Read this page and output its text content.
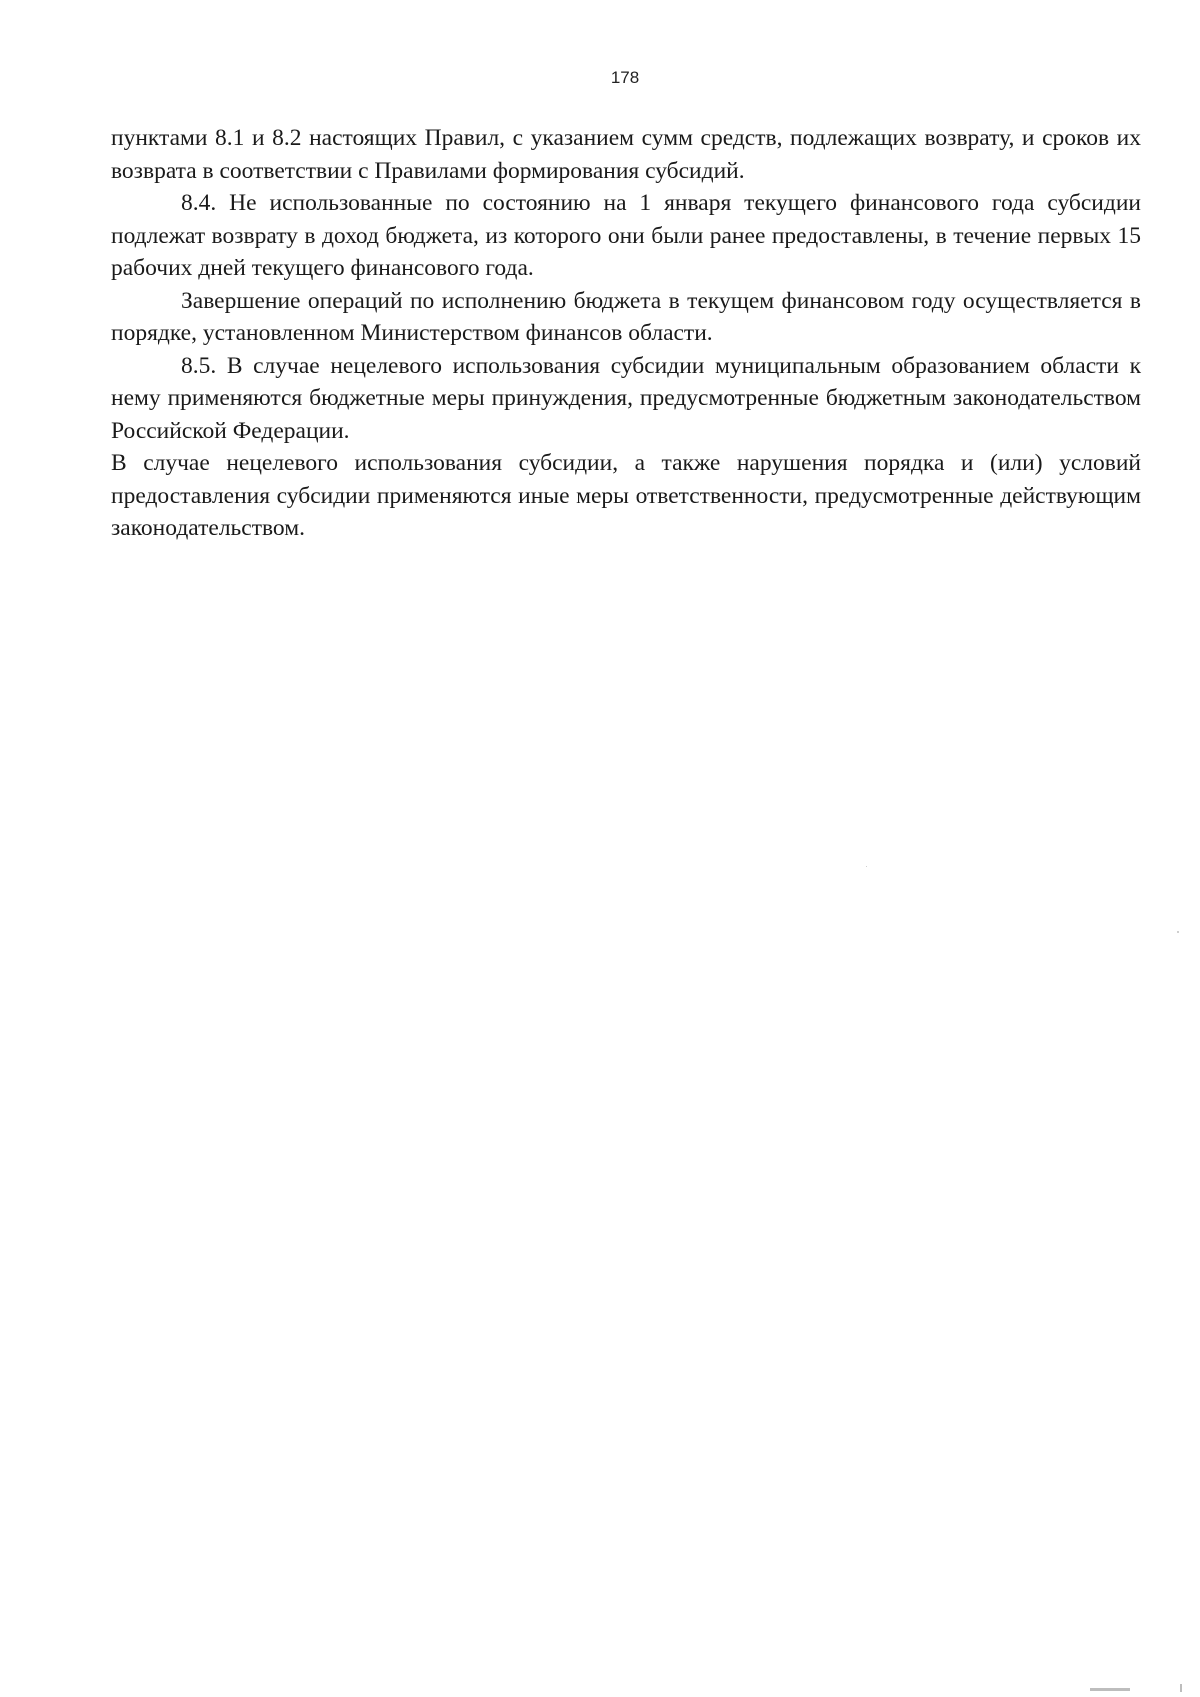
178

пунктами 8.1 и 8.2 настоящих Правил, с указанием сумм средств, подлежащих возврату, и сроков их возврата в соответствии с Правилами формирования субсидий.

8.4. Не использованные по состоянию на 1 января текущего финансового года субсидии подлежат возврату в доход бюджета, из которого они были ранее предоставлены, в течение первых 15 рабочих дней текущего финансового года.

Завершение операций по исполнению бюджета в текущем финансовом году осуществляется в порядке, установленном Министерством финансов области.

8.5. В случае нецелевого использования субсидии муниципальным образованием области к нему применяются бюджетные меры принуждения, предусмотренные бюджетным законодательством Российской Федерации.

В случае нецелевого использования субсидии, а также нарушения порядка и (или) условий предоставления субсидии применяются иные меры ответственности, предусмотренные действующим законодательством.
